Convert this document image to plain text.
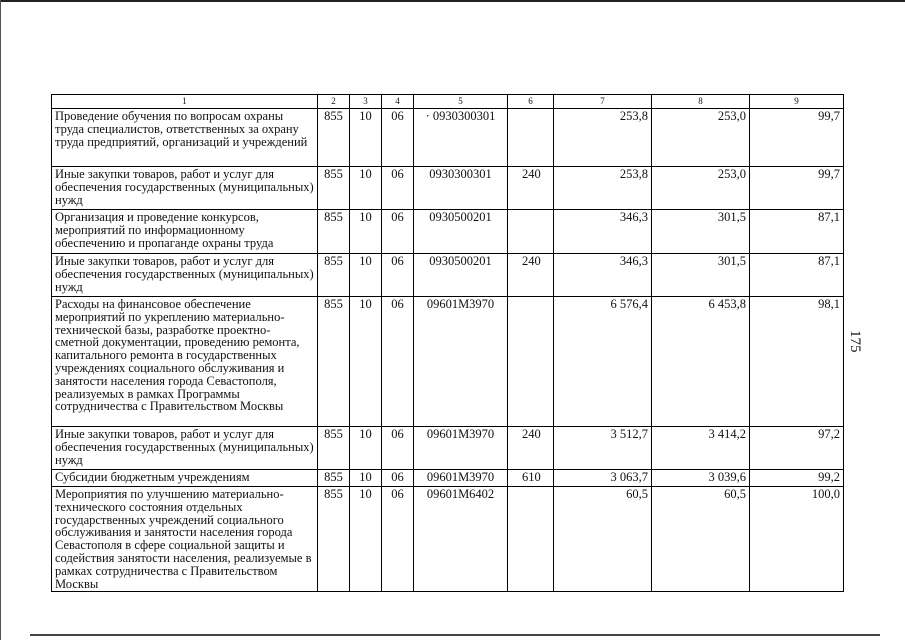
1	2	3	4	5	6	7	8	9
Проведение обучения по вопросам охраны труда специалистов, ответственных за охрану труда предприятий, организаций и учреждений	855	10	06	· 0930300301		253,8	253,0	99,7
Иные закупки товаров, работ и услуг для обеспечения государственных (муниципальных) нужд	855	10	06	0930300301	240	253,8	253,0	99,7
Организация и проведение конкурсов, мероприятий по информационному обеспечению и пропаганде охраны труда	855	10	06	0930500201		346,3	301,5	87,1
Иные закупки товаров, работ и услуг для обеспечения государственных (муниципальных) нужд	855	10	06	0930500201	240	346,3	301,5	87,1
Расходы на финансовое обеспечение мероприятий по укреплению материально-технической базы, разработке проектно-сметной документации, проведению ремонта, капитального ремонта в государственных учреждениях социального обслуживания и занятости населения города Севастополя, реализуемых в рамках Программы сотрудничества с Правительством Москвы	855	10	06	09601М3970		6 576,4	6 453,8	98,1
Иные закупки товаров, работ и услуг для обеспечения государственных (муниципальных) нужд	855	10	06	09601М3970	240	3 512,7	3 414,2	97,2
Субсидии бюджетным учреждениям	855	10	06	09601М3970	610	3 063,7	3 039,6	99,2
Мероприятия по улучшению материально-технического состояния отдельных государственных учреждений социального обслуживания и занятости населения города Севастополя в сфере социальной защиты и содействия занятости населения, реализуемые в рамках сотрудничества с Правительством Москвы	855	10	06	09601М6402		60,5	60,5	100,0
175
